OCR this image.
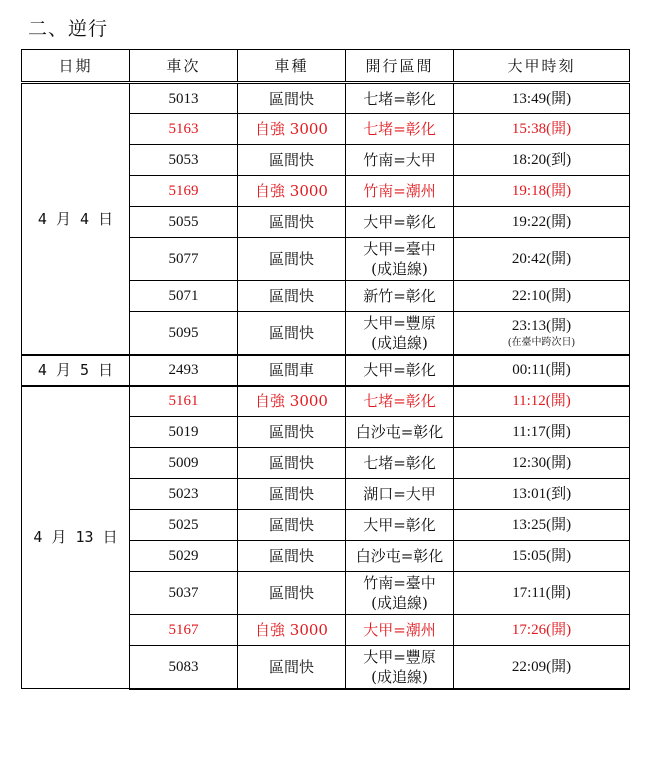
二、逆行
日期	車次	車種	開行區間	大甲時刻
4 月 4 日	5013	區間快	七堵=彰化	13:49(開)
	5163	自強 3000	七堵=彰化	15:38(開)
	5053	區間快	竹南=大甲	18:20(到)
	5169	自強 3000	竹南=潮州	19:18(開)
	5055	區間快	大甲=彰化	19:22(開)
	5077	區間快	大甲=臺中
(成追線)	20:42(開)
	5071	區間快	新竹=彰化	22:10(開)
	5095	區間快	大甲=豐原
(成追線)	23:13(開)
(在臺中跨次日)

4 月 5 日	2493	區間車	大甲=彰化	00:11(開)
4 月 13 日	5161	自強 3000	七堵=彰化	11:12(開)
	5019	區間快	白沙屯=彰化	11:17(開)
	5009	區間快	七堵=彰化	12:30(開)
	5023	區間快	湖口=大甲	13:01(到)
	5025	區間快	大甲=彰化	13:25(開)
	5029	區間快	白沙屯=彰化	15:05(開)
	5037	區間快	竹南=臺中
(成追線)	17:11(開)
	5167	自強 3000	大甲=潮州	17:26(開)
	5083	區間快	大甲=豐原
(成追線)	22:09(開)
